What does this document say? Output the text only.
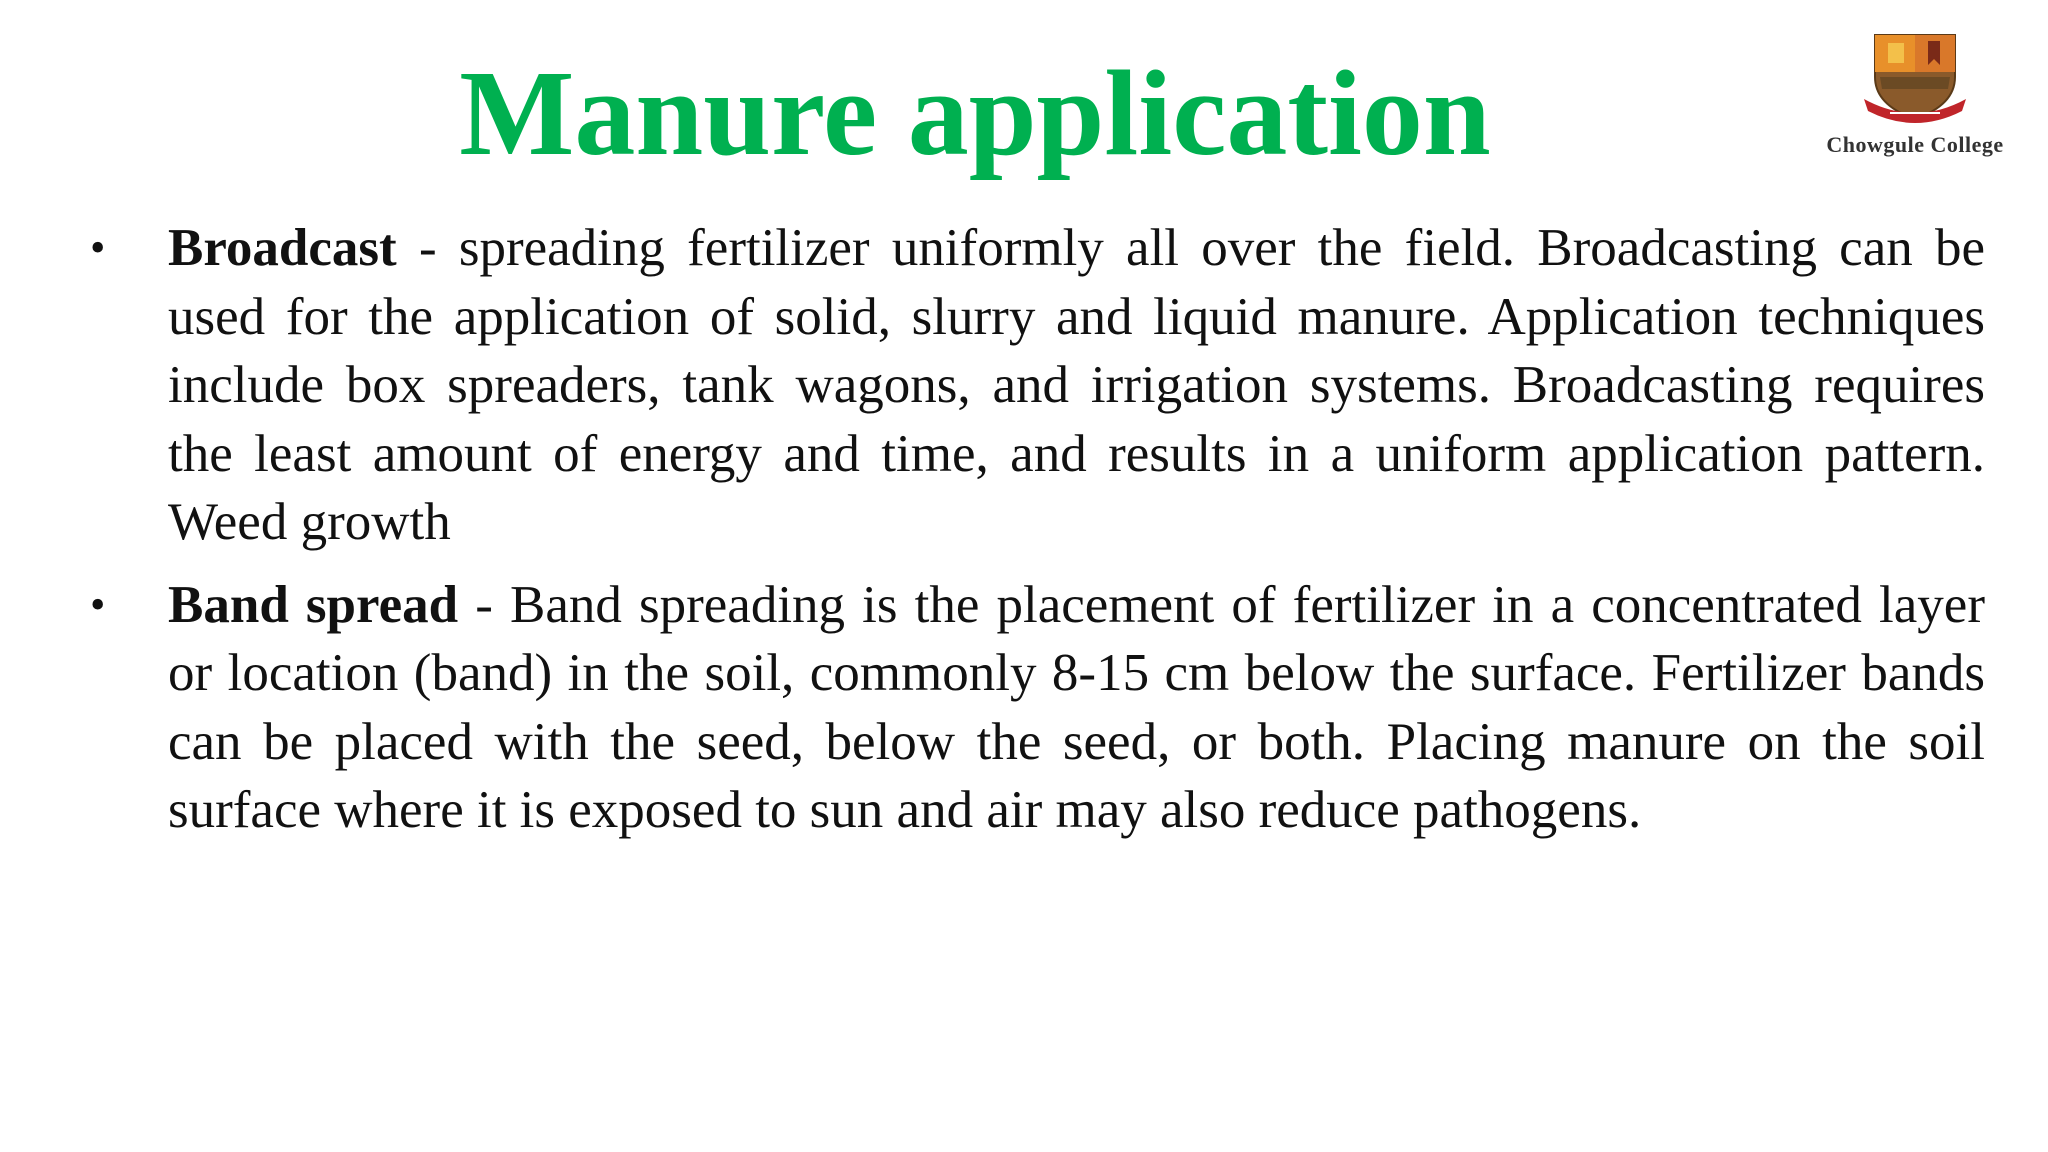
Manure application	Chowgule College
• Broadcast - spreading fertilizer uniformly all over the field. Broadcasting can be used for the application of solid, slurry and liquid manure. Application techniques include box spreaders, tank wagons, and irrigation systems. Broadcasting requires the least amount of energy and time, and results in a uniform application pattern. Weed growth
• Band spread - Band spreading is the placement of fertilizer in a concentrated layer or location (band) in the soil, commonly 8-15 cm below the surface. Fertilizer bands can be placed with the seed, below the seed, or both. Placing manure on the soil surface where it is exposed to sun and air may also reduce pathogens.
